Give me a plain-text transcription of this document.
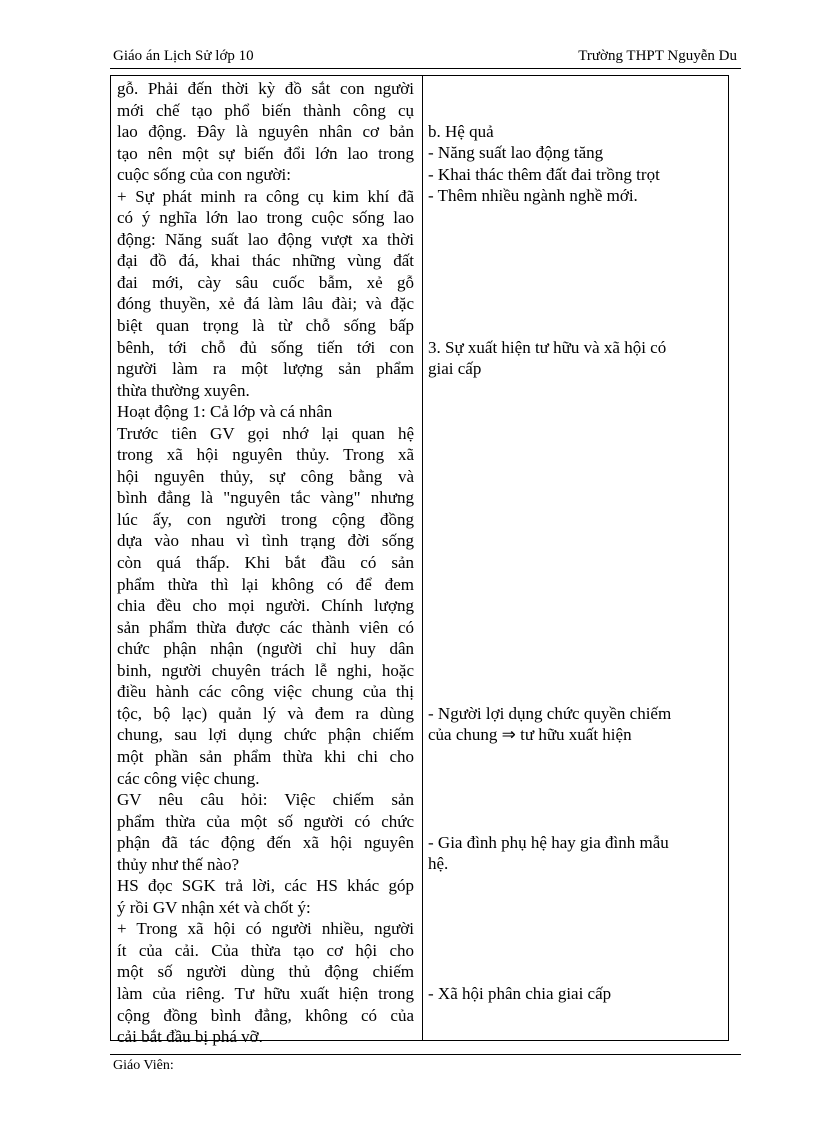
Giáo án Lịch Sử lớp 10	Trường THPT Nguyễn Du
gỗ. Phải đến thời kỳ đồ sắt con người
mới chế tạo phổ biến thành công cụ
lao động. Đây là nguyên nhân cơ bản
tạo nên một sự biến đổi lớn lao trong
cuộc sống của con người:
+ Sự phát minh ra công cụ kim khí đã
có ý nghĩa lớn lao trong cuộc sống lao
động: Năng suất lao động vượt xa thời
đại đồ đá, khai thác những vùng đất
đai mới, cày sâu cuốc bẫm, xẻ gỗ
đóng thuyền, xẻ đá làm lâu đài; và đặc
biệt quan trọng là từ chỗ sống bấp
bênh, tới chỗ đủ sống tiến tới con
người làm ra một lượng sản phẩm
thừa thường xuyên.
Hoạt động 1: Cả lớp và cá nhân
Trước tiên GV gọi nhớ lại quan hệ
trong xã hội nguyên thủy. Trong xã
hội nguyên thủy, sự công bằng và
bình đẳng là "nguyên tắc vàng" nhưng
lúc ấy, con người trong cộng đồng
dựa vào nhau vì tình trạng đời sống
còn quá thấp. Khi bắt đầu có sản
phẩm thừa thì lại không có để đem
chia đều cho mọi người. Chính lượng
sản phẩm thừa được các thành viên có
chức phận nhận (người chỉ huy dân
binh, người chuyên trách lễ nghi, hoặc
điều hành các công việc chung của thị
tộc, bộ lạc) quản lý và đem ra dùng
chung, sau lợi dụng chức phận chiếm
một phần sản phẩm thừa khi chi cho
các công việc chung.
GV nêu câu hỏi: Việc chiếm sản
phẩm thừa của một số người có chức
phận đã tác động đến xã hội nguyên
thủy như thế nào?
HS đọc SGK trả lời, các HS khác góp
ý rồi GV nhận xét và chốt ý:
+ Trong xã hội có người nhiều, người
ít của cải. Của thừa tạo cơ hội cho
một số người dùng thủ động chiếm
làm của riêng. Tư hữu xuất hiện trong
cộng đồng bình đẳng, không có của
cải bắt đầu bị phá vỡ.
b. Hệ quả
- Năng suất lao động tăng
- Khai thác thêm đất đai trồng trọt
- Thêm nhiều ngành nghề mới.
3. Sự xuất hiện tư hữu và xã hội có
giai cấp
- Người lợi dụng chức quyền chiếm
của chung ⇒ tư hữu xuất hiện
- Gia đình phụ hệ hay gia đình mẫu
hệ.
- Xã hội phân chia giai cấp
Giáo Viên:
